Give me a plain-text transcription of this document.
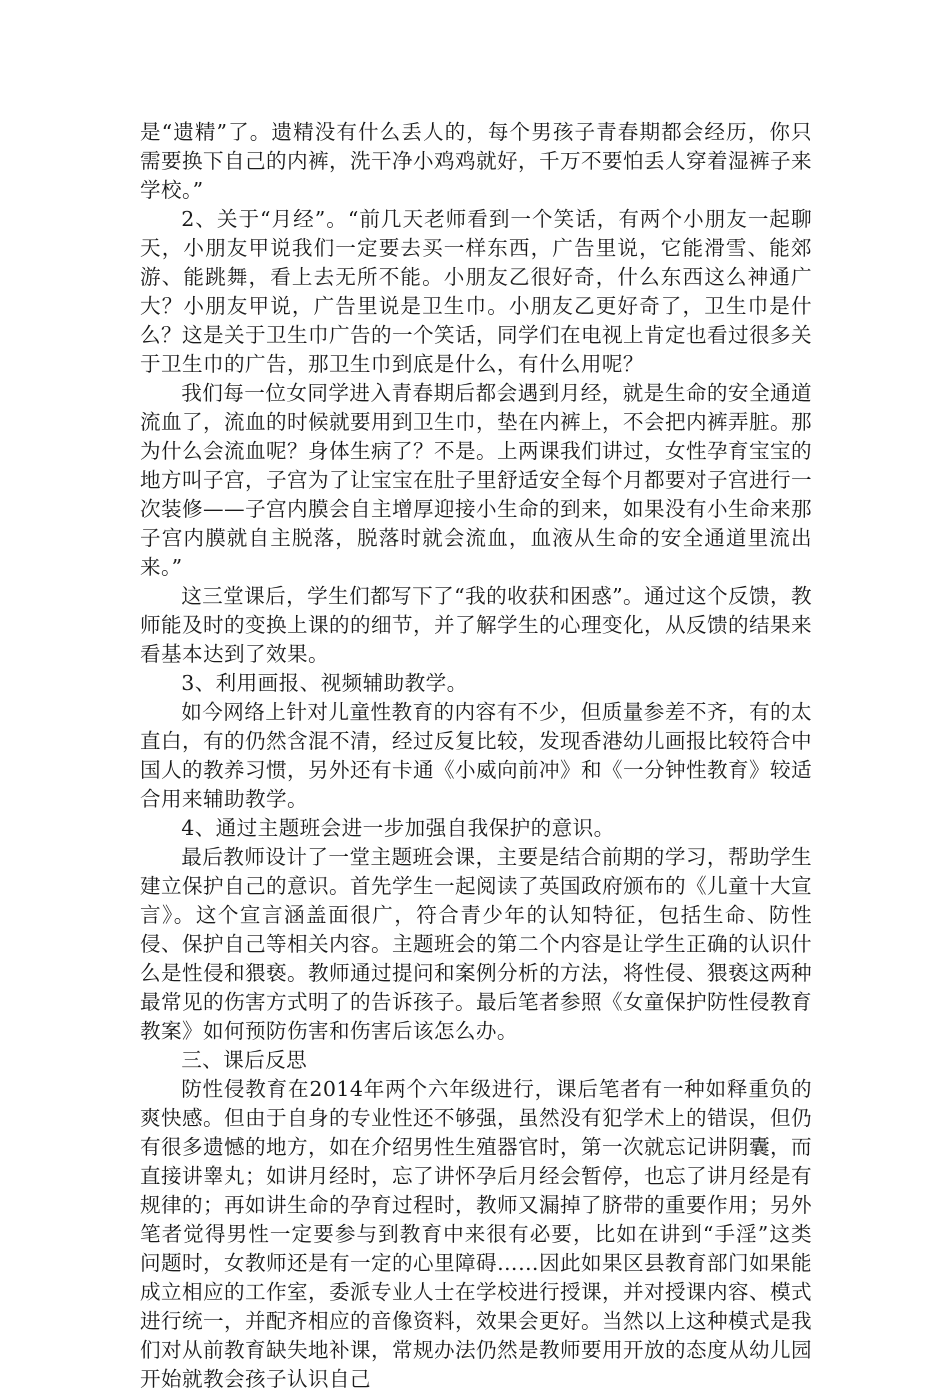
是“遗精”了。遗精没有什么丢人的，每个男孩子青春期都会经历，你只需要换下自己的内裤，洗干净小鸡鸡就好，千万不要怕丢人穿着湿裤子来学校。”

2、关于“月经”。“前几天老师看到一个笑话，有两个小朋友一起聊天，小朋友甲说我们一定要去买一样东西，广告里说，它能滑雪、能郊游、能跳舞，看上去无所不能。小朋友乙很好奇，什么东西这么神通广大？小朋友甲说，广告里说是卫生巾。小朋友乙更好奇了，卫生巾是什么？这是关于卫生巾广告的一个笑话，同学们在电视上肯定也看过很多关于卫生巾的广告，那卫生巾到底是什么，有什么用呢？

我们每一位女同学进入青春期后都会遇到月经，就是生命的安全通道流血了，流血的时候就要用到卫生巾，垫在内裤上，不会把内裤弄脏。那为什么会流血呢？身体生病了？不是。上两课我们讲过，女性孕育宝宝的地方叫子宫，子宫为了让宝宝在肚子里舒适安全每个月都要对子宫进行一次装修——子宫内膜会自主增厚迎接小生命的到来，如果没有小生命来那子宫内膜就自主脱落，脱落时就会流血，血液从生命的安全通道里流出来。”

这三堂课后，学生们都写下了“我的收获和困惑”。通过这个反馈，教师能及时的变换上课的的细节，并了解学生的心理变化，从反馈的结果来看基本达到了效果。

3、利用画报、视频辅助教学。

如今网络上针对儿童性教育的内容有不少，但质量参差不齐，有的太直白，有的仍然含混不清，经过反复比较，发现香港幼儿画报比较符合中国人的教养习惯，另外还有卡通《小威向前冲》和《一分钟性教育》较适合用来辅助教学。

4、通过主题班会进一步加强自我保护的意识。

最后教师设计了一堂主题班会课，主要是结合前期的学习，帮助学生建立保护自己的意识。首先学生一起阅读了英国政府颁布的《儿童十大宣言》。这个宣言涵盖面很广，符合青少年的认知特征，包括生命、防性侵、保护自己等相关内容。主题班会的第二个内容是让学生正确的认识什么是性侵和猥亵。教师通过提问和案例分析的方法，将性侵、猥亵这两种最常见的伤害方式明了的告诉孩子。最后笔者参照《女童保护防性侵教育教案》如何预防伤害和伤害后该怎么办。

三、课后反思

防性侵教育在2014年两个六年级进行，课后笔者有一种如释重负的爽快感。但由于自身的专业性还不够强，虽然没有犯学术上的错误，但仍有很多遗憾的地方，如在介绍男性生殖器官时，第一次就忘记讲阴囊，而直接讲睾丸；如讲月经时，忘了讲怀孕后月经会暂停，也忘了讲月经是有规律的；再如讲生命的孕育过程时，教师又漏掉了脐带的重要作用；另外笔者觉得男性一定要参与到教育中来很有必要，比如在讲到“手淫”这类问题时，女教师还是有一定的心里障碍……因此如果区县教育部门如果能成立相应的工作室，委派专业人士在学校进行授课，并对授课内容、模式进行统一，并配齐相应的音像资料，效果会更好。当然以上这种模式是我们对从前教育缺失地补课，常规办法仍然是教师要用开放的态度从幼儿园开始就教会孩子认识自己
